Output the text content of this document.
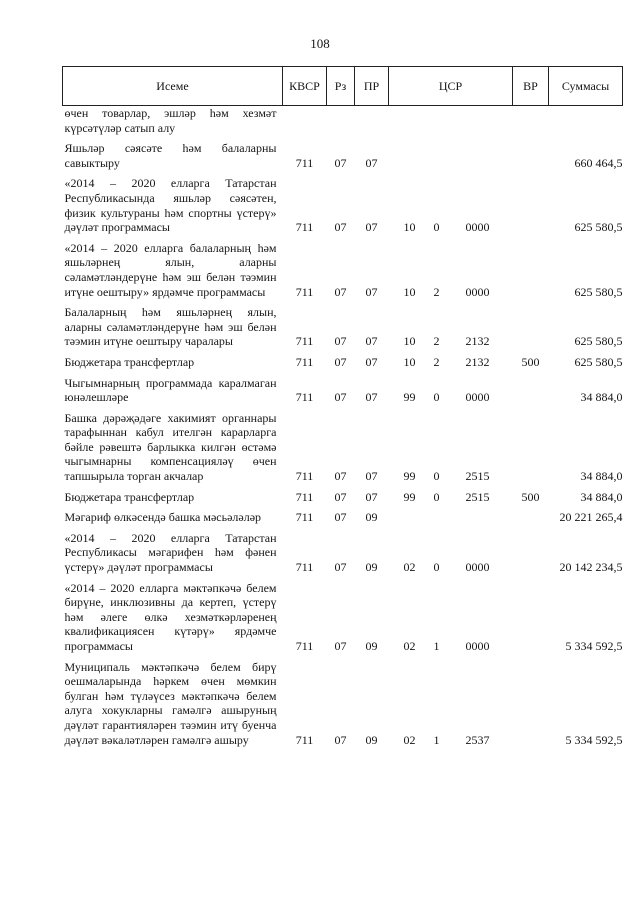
108
Исеме	КВСР	Рз	ПР	ЦСР			ВР	Суммасы
өчен товарлар, эшләр һәм хезмәт күрсәтүләр сатып алу								
Яшьләр сәясәте һәм балаларны савыктыру	711	07	07					660 464,5
«2014 – 2020 елларга Татарстан Республикасында яшьләр сәясәтен, физик культураны һәм спортны үстерү» дәүләт программасы	711	07	07	10	0	0000		625 580,5
«2014 – 2020 елларга балаларның һәм яшьләрнең ялын, аларны сәламәтләндерүне һәм эш белән тәэмин итүне оештыру» ярдәмче программасы	711	07	07	10	2	0000		625 580,5
Балаларның һәм яшьләрнең ялын, аларны сәламәтләндерүне һәм эш белән тәэмин итүне оештыру чаралары	711	07	07	10	2	2132		625 580,5
Бюджетара трансфертлар	711	07	07	10	2	2132	500	625 580,5
Чыгымнарның программада каралмаган юнәлешләре	711	07	07	99	0	0000		34 884,0
Башка дәрәҗәдәге хакимият органнары тарафыннан кабул ителгән карарларга бәйле рәвештә барлыкка килгән өстәмә чыгымнарны компенсацияләү өчен тапшырыла торган акчалар	711	07	07	99	0	2515		34 884,0
Бюджетара трансфертлар	711	07	07	99	0	2515	500	34 884,0
Мәгариф өлкәсендә башка мәсьәләләр	711	07	09					20 221 265,4
«2014 – 2020 елларга Татарстан Республикасы мәгарифен һәм фәнен үстерү» дәүләт программасы	711	07	09	02	0	0000		20 142 234,5
«2014 – 2020 елларга мәктәпкәчә белем бирүне, инклюзивны да кертеп, үстерү һәм әлеге өлкә хезмәткәрләренең квалификациясен күтәрү» ярдәмче программасы	711	07	09	02	1	0000		5 334 592,5
Муниципаль мәктәпкәчә белем бирү оешмаларында һәркем өчен мөмкин булган һәм түләүсез мәктәпкәчә белем алуга хокукларны гамәлгә ашыруның дәүләт гарантияләрен тәэмин итү буенча дәүләт вәкаләтләрен гамәлгә ашыру	711	07	09	02	1	2537		5 334 592,5
